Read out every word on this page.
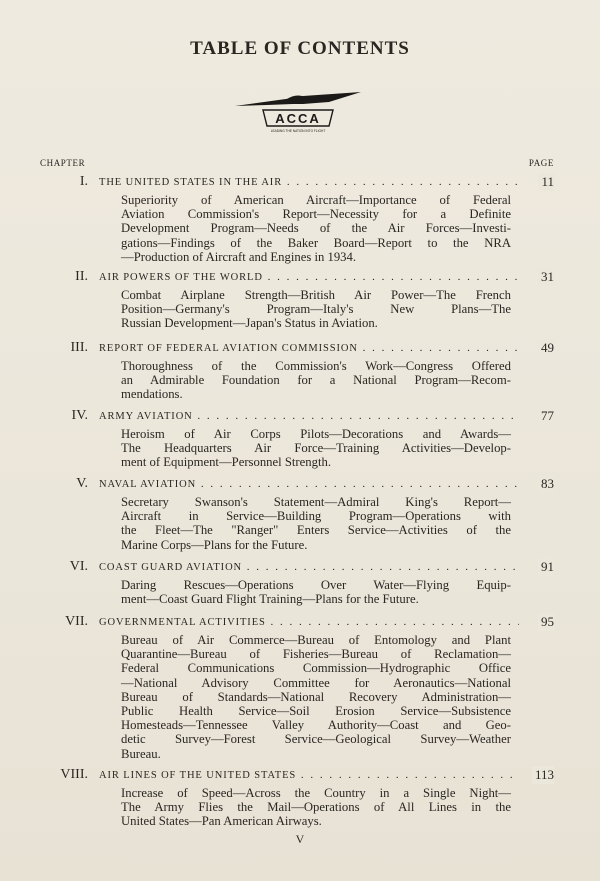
TABLE OF CONTENTS
ACCA
LEADING THE NATION INTO FLIGHT
CHAPTER	PAGE
I. THE UNITED STATES IN THE AIR . . .	11
Superiority of American Aircraft—Importance of Federal
Aviation Commission's Report—Necessity for a Definite
Development Program—Needs of the Air Forces—Investi-
gations—Findings of the Baker Board—Report to the NRA
—Production of Aircraft and Engines in 1934.
II. AIR POWERS OF THE WORLD . . .	31
Combat Airplane Strength—British Air Power—The French
Position—Germany's Program—Italy's New Plans—The
Russian Development—Japan's Status in Aviation.
III. REPORT OF FEDERAL AVIATION COMMISSION . . .	49
Thoroughness of the Commission's Work—Congress Offered
an Admirable Foundation for a National Program—Recom-
mendations.
IV. ARMY AVIATION . . .	77
Heroism of Air Corps Pilots—Decorations and Awards—
The Headquarters Air Force—Training Activities—Develop-
ment of Equipment—Personnel Strength.
V. NAVAL AVIATION . . .	83
Secretary Swanson's Statement—Admiral King's Report—
Aircraft in Service—Building Program—Operations with
the Fleet—The "Ranger" Enters Service—Activities of the
Marine Corps—Plans for the Future.
VI. COAST GUARD AVIATION . . .	91
Daring Rescues—Operations Over Water—Flying Equip-
ment—Coast Guard Flight Training—Plans for the Future.
VII. GOVERNMENTAL ACTIVITIES . . .	95
Bureau of Air Commerce—Bureau of Entomology and Plant
Quarantine—Bureau of Fisheries—Bureau of Reclamation—
Federal Communications Commission—Hydrographic Office
—National Advisory Committee for Aeronautics—National
Bureau of Standards—National Recovery Administration—
Public Health Service—Soil Erosion Service—Subsistence
Homesteads—Tennessee Valley Authority—Coast and Geo-
detic Survey—Forest Service—Geological Survey—Weather
Bureau.
VIII. AIR LINES OF THE UNITED STATES . . .	113
Increase of Speed—Across the Country in a Single Night—
The Army Flies the Mail—Operations of All Lines in the
United States—Pan American Airways.
V
